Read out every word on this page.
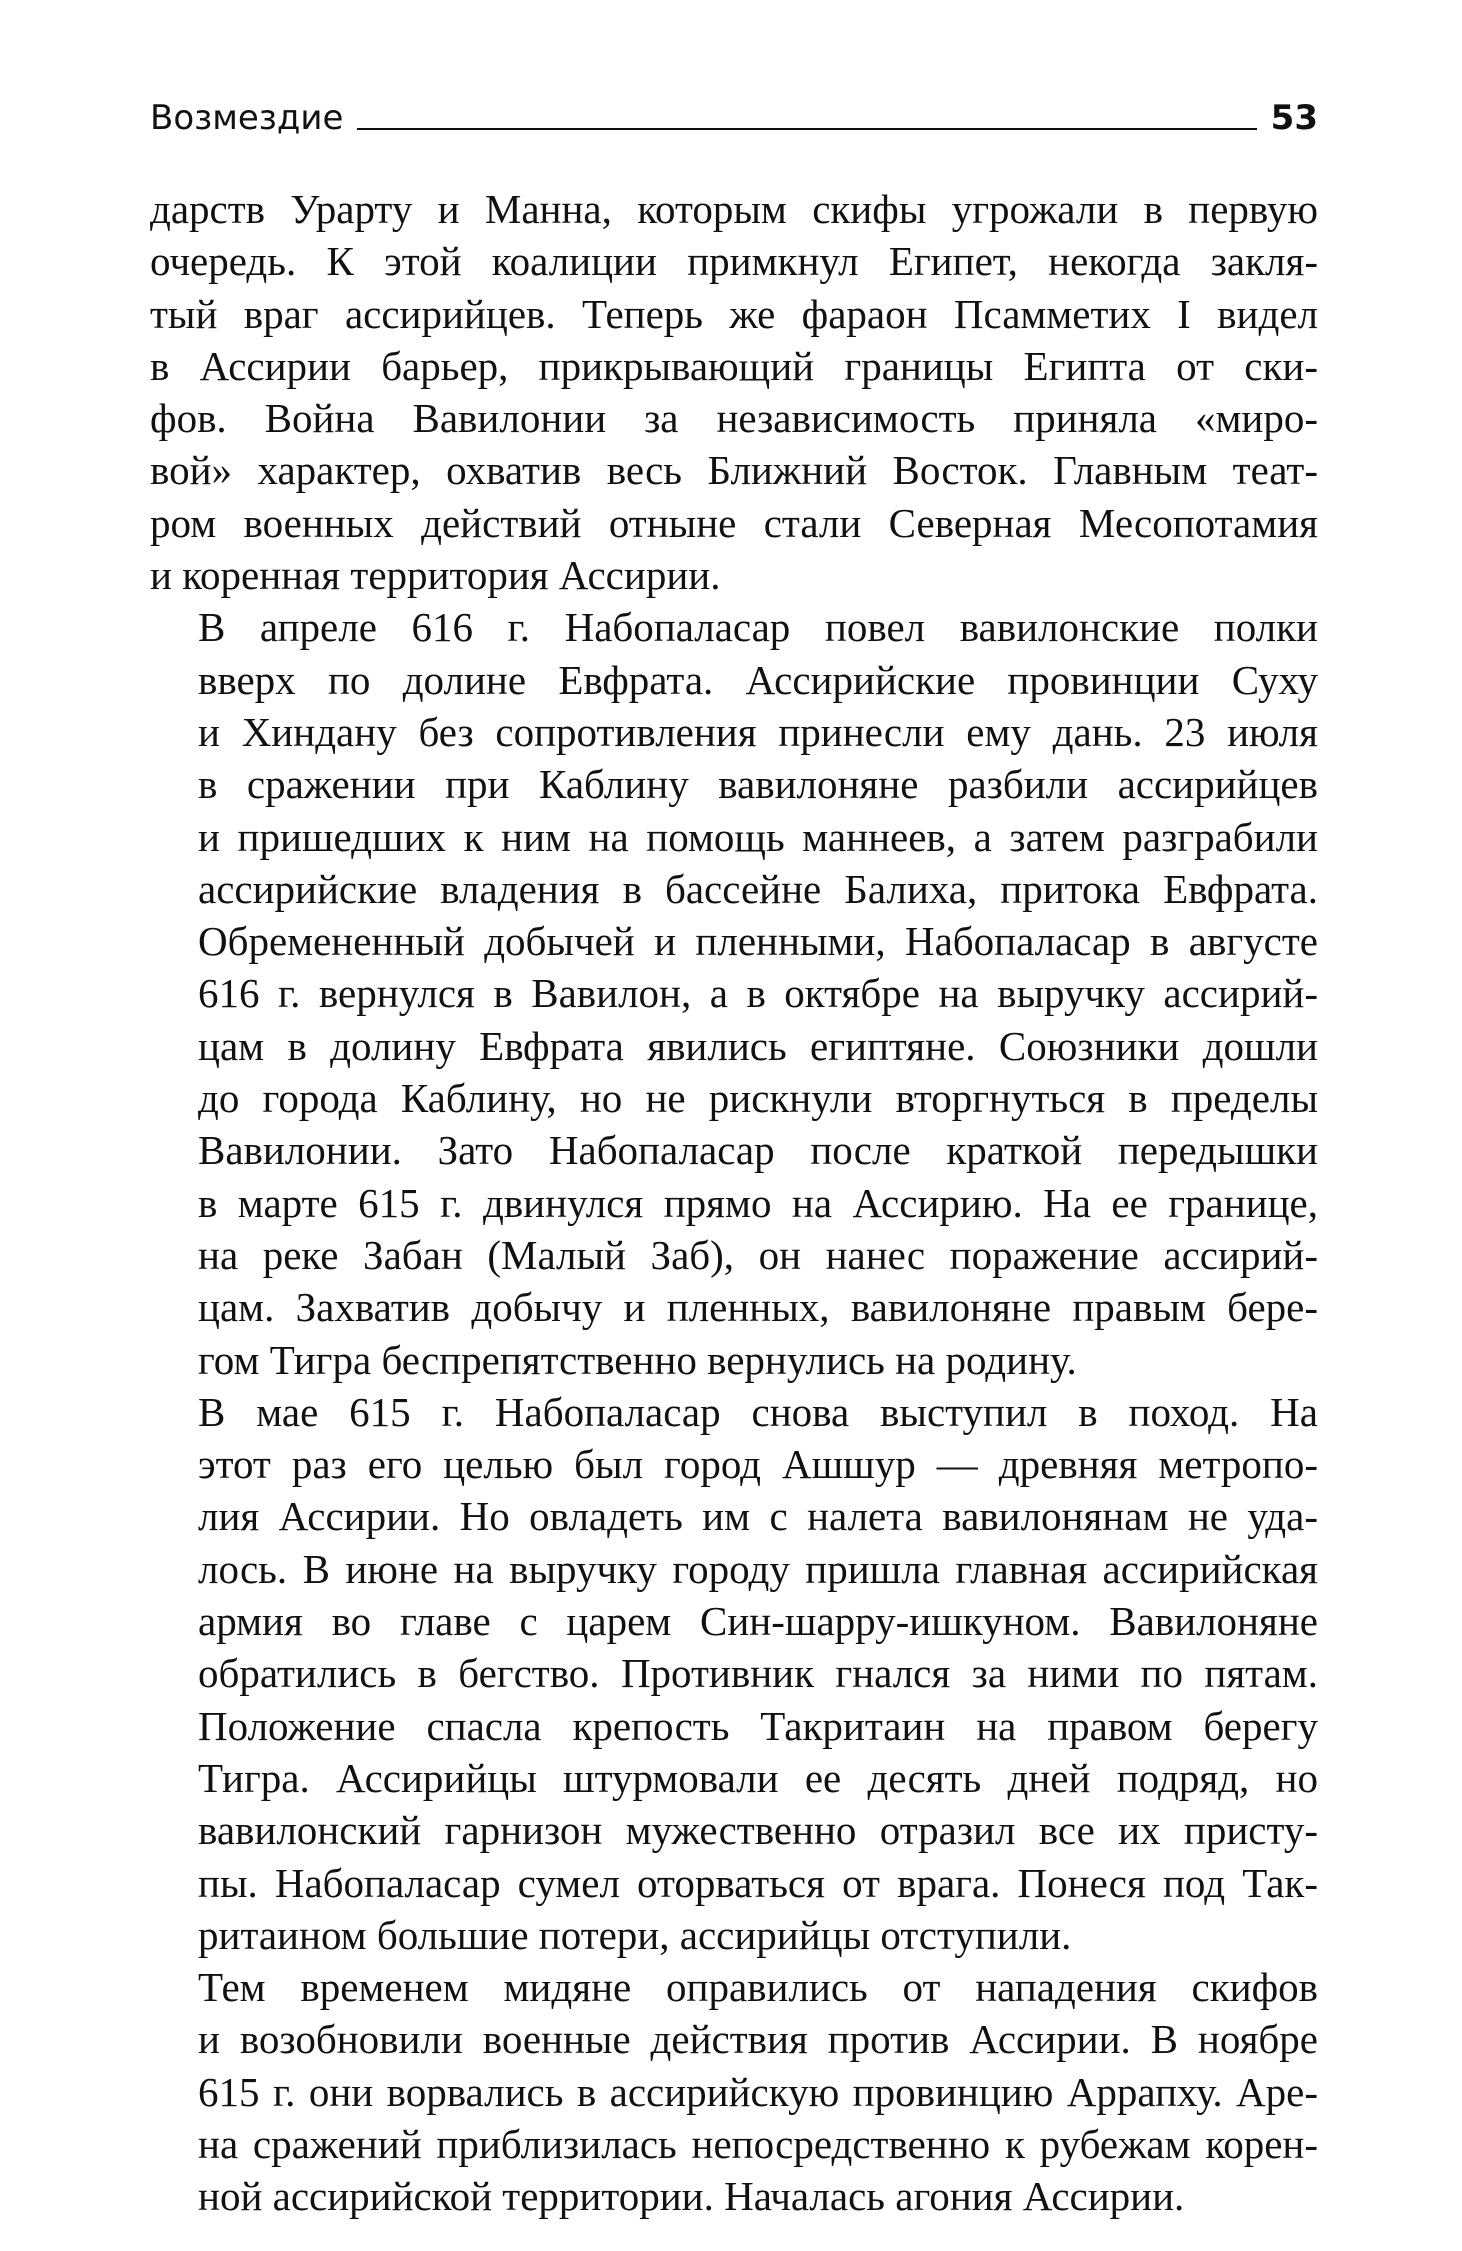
Возмездие	53

дарств Урарту и Манна, которым скифы угрожали в первую
очередь. К этой коалиции примкнул Египет, некогда закля-
тый враг ассирийцев. Теперь же фараон Псамметих I видел
в Ассирии барьер, прикрывающий границы Египта от ски-
фов. Война Вавилонии за независимость приняла «миро-
вой» характер, охватив весь Ближний Восток. Главным теат-
ром военных действий отныне стали Северная Месопотамия
и коренная территория Ассирии.

В апреле 616 г. Набопаласар повел вавилонские полки
вверх по долине Евфрата. Ассирийские провинции Суху
и Хиндану без сопротивления принесли ему дань. 23 июля
в сражении при Каблину вавилоняне разбили ассирийцев
и пришедших к ним на помощь маннеев, а затем разграбили
ассирийские владения в бассейне Балиха, притока Евфрата.
Обремененный добычей и пленными, Набопаласар в августе
616 г. вернулся в Вавилон, а в октябре на выручку ассирий-
цам в долину Евфрата явились египтяне. Союзники дошли
до города Каблину, но не рискнули вторгнуться в пределы
Вавилонии. Зато Набопаласар после краткой передышки
в марте 615 г. двинулся прямо на Ассирию. На ее границе,
на реке Забан (Малый Заб), он нанес поражение ассирий-
цам. Захватив добычу и пленных, вавилоняне правым бере-
гом Тигра беспрепятственно вернулись на родину.

В мае 615 г. Набопаласар снова выступил в поход. На
этот раз его целью был город Ашшур — древняя метропо-
лия Ассирии. Но овладеть им с налета вавилонянам не уда-
лось. В июне на выручку городу пришла главная ассирийская
армия во главе с царем Син-шарру-ишкуном. Вавилоняне
обратились в бегство. Противник гнался за ними по пятам.
Положение спасла крепость Такритаин на правом берегу
Тигра. Ассирийцы штурмовали ее десять дней подряд, но
вавилонский гарнизон мужественно отразил все их присту-
пы. Набопаласар сумел оторваться от врага. Понеся под Так-
ритаином большие потери, ассирийцы отступили.

Тем временем мидяне оправились от нападения скифов
и возобновили военные действия против Ассирии. В ноябре
615 г. они ворвались в ассирийскую провинцию Аррапху. Аре-
на сражений приблизилась непосредственно к рубежам корен-
ной ассирийской территории. Началась агония Ассирии.
